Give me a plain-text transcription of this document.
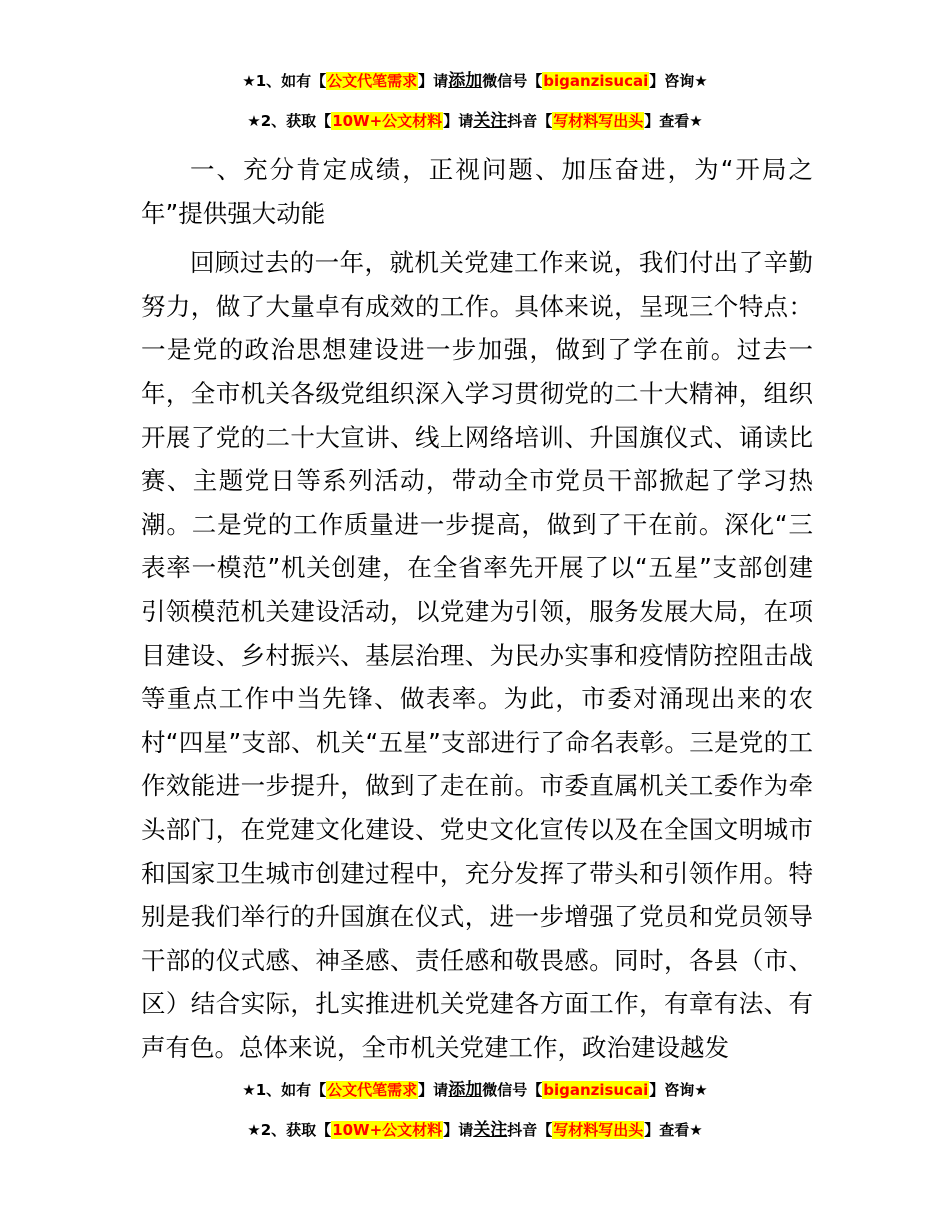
★1、如有【公文代笔需求】请添加微信号【biganzisucai】咨询★
★2、获取【10W+公文材料】请关注抖音【写材料写出头】查看★

一、充分肯定成绩，正视问题、加压奋进，为“开局之年”提供强大动能

回顾过去的一年，就机关党建工作来说，我们付出了辛勤努力，做了大量卓有成效的工作。具体来说，呈现三个特点：一是党的政治思想建设进一步加强，做到了学在前。过去一年，全市机关各级党组织深入学习贯彻党的二十大精神，组织开展了党的二十大宣讲、线上网络培训、升国旗仪式、诵读比赛、主题党日等系列活动，带动全市党员干部掀起了学习热潮。二是党的工作质量进一步提高，做到了干在前。深化“三表率一模范”机关创建，在全省率先开展了以“五星”支部创建引领模范机关建设活动，以党建为引领，服务发展大局，在项目建设、乡村振兴、基层治理、为民办实事和疫情防控阻击战等重点工作中当先锋、做表率。为此，市委对涌现出来的农村“四星”支部、机关“五星”支部进行了命名表彰。三是党的工作效能进一步提升，做到了走在前。市委直属机关工委作为牵头部门，在党建文化建设、党史文化宣传以及在全国文明城市和国家卫生城市创建过程中，充分发挥了带头和引领作用。特别是我们举行的升国旗在仪式，进一步增强了党员和党员领导干部的仪式感、神圣感、责任感和敬畏感。同时，各县（市、区）结合实际，扎实推进机关党建各方面工作，有章有法、有声有色。总体来说，全市机关党建工作，政治建设越发

★1、如有【公文代笔需求】请添加微信号【biganzisucai】咨询★
★2、获取【10W+公文材料】请关注抖音【写材料写出头】查看★
